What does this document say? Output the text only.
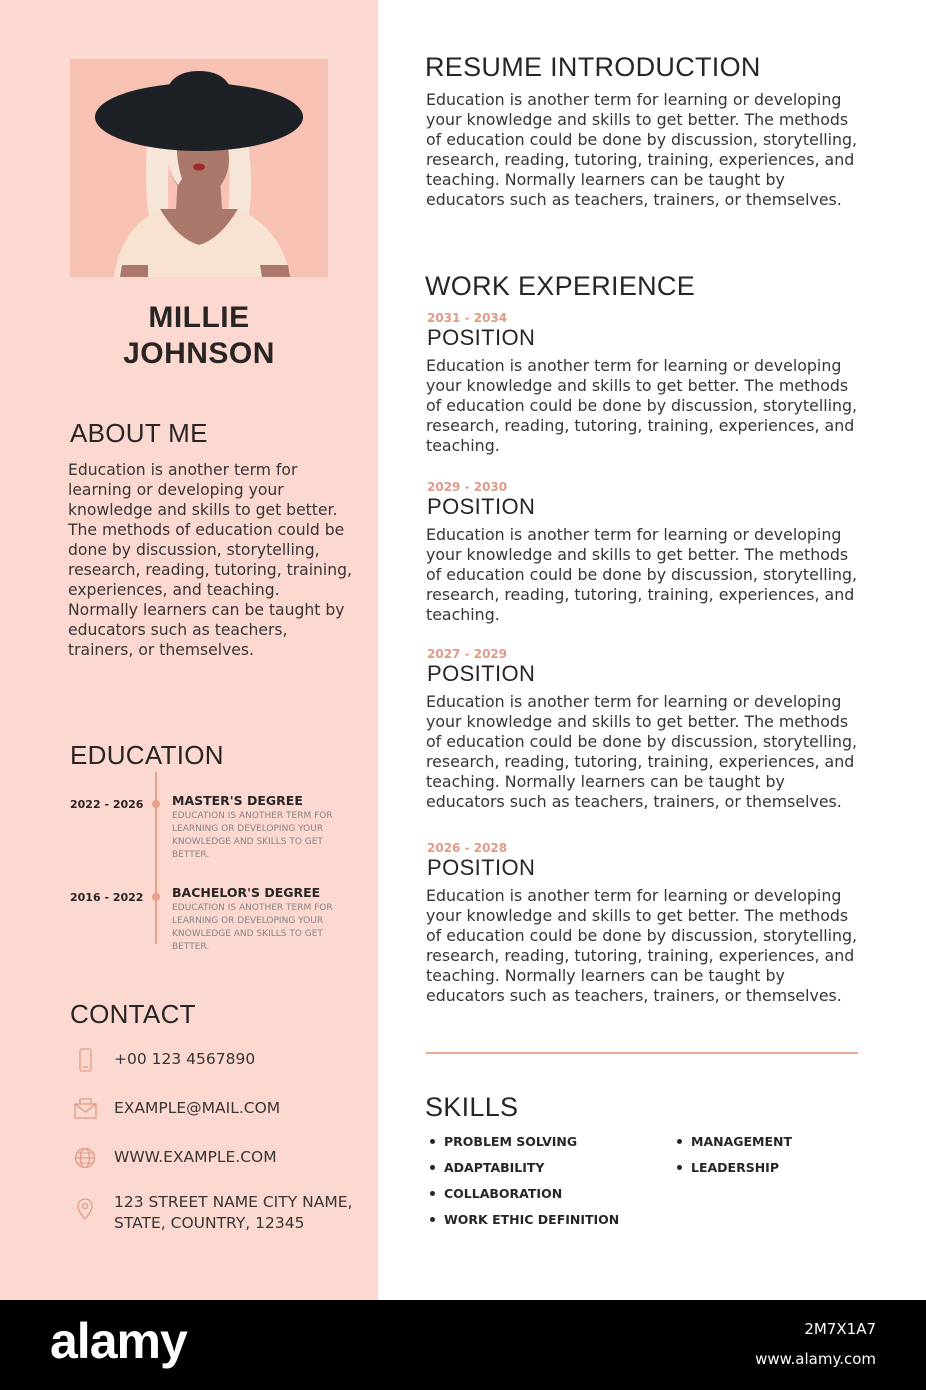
MILLIE
JOHNSON
ABOUT ME
Education is another term for learning or developing your knowledge and skills to get better. The methods of education could be done by discussion, storytelling, research, reading, tutoring, training, experiences, and teaching. Normally learners can be taught by educators such as teachers, trainers, or themselves.
EDUCATION
2022 - 2026 MASTER'S DEGREE
EDUCATION IS ANOTHER TERM FOR LEARNING OR DEVELOPING YOUR KNOWLEDGE AND SKILLS TO GET BETTER.
2016 - 2022 BACHELOR'S DEGREE
EDUCATION IS ANOTHER TERM FOR LEARNING OR DEVELOPING YOUR KNOWLEDGE AND SKILLS TO GET BETTER.
CONTACT
+00 123 4567890
EXAMPLE@MAIL.COM
WWW.EXAMPLE.COM
123 STREET NAME CITY NAME,
STATE, COUNTRY, 12345
RESUME INTRODUCTION
Education is another term for learning or developing your knowledge and skills to get better. The methods of education could be done by discussion, storytelling, research, reading, tutoring, training, experiences, and teaching. Normally learners can be taught by educators such as teachers, trainers, or themselves.
WORK EXPERIENCE
2031 - 2034
POSITION
Education is another term for learning or developing your knowledge and skills to get better. The methods of education could be done by discussion, storytelling, research, reading, tutoring, training, experiences, and teaching.
2029 - 2030
POSITION
Education is another term for learning or developing your knowledge and skills to get better. The methods of education could be done by discussion, storytelling, research, reading, tutoring, training, experiences, and teaching.
2027 - 2029
POSITION
Education is another term for learning or developing your knowledge and skills to get better. The methods of education could be done by discussion, storytelling, research, reading, tutoring, training, experiences, and teaching. Normally learners can be taught by educators such as teachers, trainers, or themselves.
2026 - 2028
POSITION
Education is another term for learning or developing your knowledge and skills to get better. The methods of education could be done by discussion, storytelling, research, reading, tutoring, training, experiences, and teaching. Normally learners can be taught by educators such as teachers, trainers, or themselves.
SKILLS
PROBLEM SOLVING
ADAPTABILITY
COLLABORATION
WORK ETHIC DEFINITION
MANAGEMENT
LEADERSHIP
alamy	2M7X1A7
www.alamy.com
